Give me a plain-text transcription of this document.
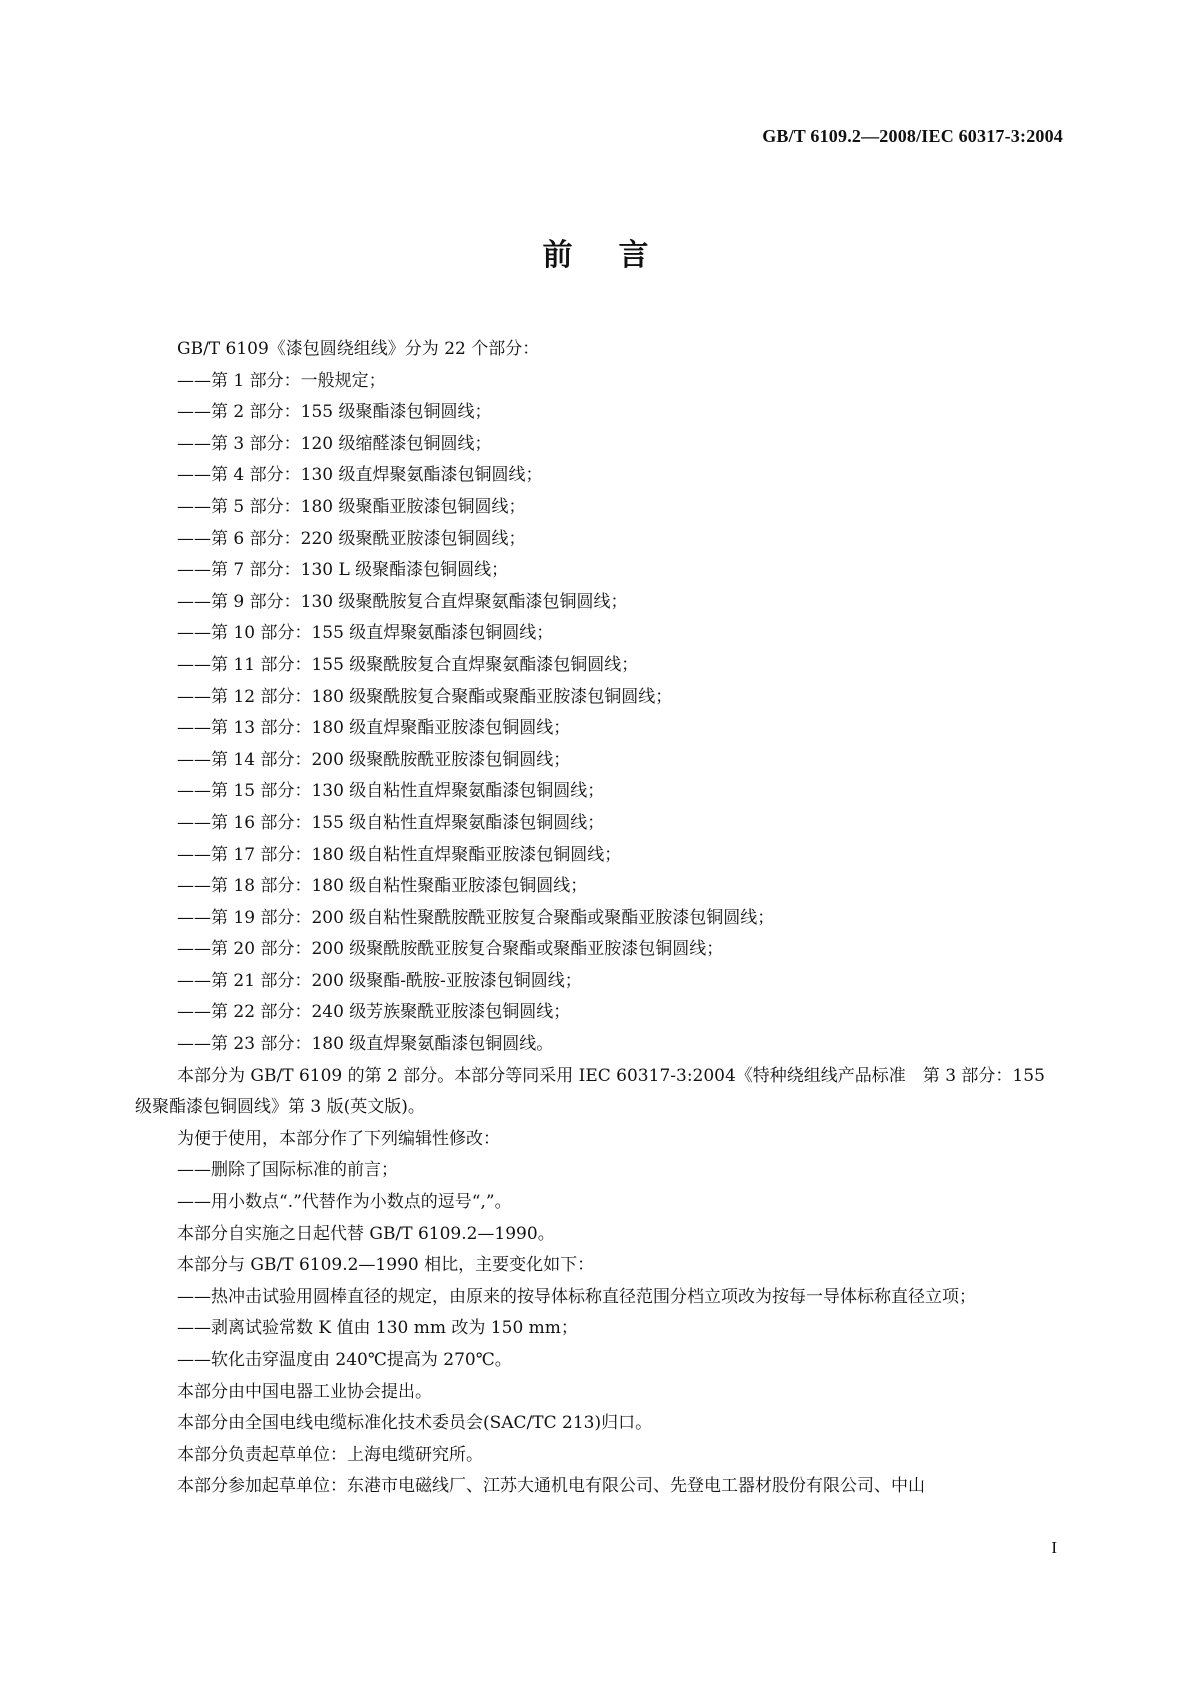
GB/T 6109.2—2008/IEC 60317-3:2004
前言

GB/T 6109《漆包圆绕组线》分为 22 个部分：

——第 1 部分：一般规定；

——第 2 部分：155 级聚酯漆包铜圆线；

——第 3 部分：120 级缩醛漆包铜圆线；

——第 4 部分：130 级直焊聚氨酯漆包铜圆线；

——第 5 部分：180 级聚酯亚胺漆包铜圆线；

——第 6 部分：220 级聚酰亚胺漆包铜圆线；

——第 7 部分：130 L 级聚酯漆包铜圆线；

——第 9 部分：130 级聚酰胺复合直焊聚氨酯漆包铜圆线；

——第 10 部分：155 级直焊聚氨酯漆包铜圆线；

——第 11 部分：155 级聚酰胺复合直焊聚氨酯漆包铜圆线；

——第 12 部分：180 级聚酰胺复合聚酯或聚酯亚胺漆包铜圆线；

——第 13 部分：180 级直焊聚酯亚胺漆包铜圆线；

——第 14 部分：200 级聚酰胺酰亚胺漆包铜圆线；

——第 15 部分：130 级自粘性直焊聚氨酯漆包铜圆线；

——第 16 部分：155 级自粘性直焊聚氨酯漆包铜圆线；

——第 17 部分：180 级自粘性直焊聚酯亚胺漆包铜圆线；

——第 18 部分：180 级自粘性聚酯亚胺漆包铜圆线；

——第 19 部分：200 级自粘性聚酰胺酰亚胺复合聚酯或聚酯亚胺漆包铜圆线；

——第 20 部分：200 级聚酰胺酰亚胺复合聚酯或聚酯亚胺漆包铜圆线；

——第 21 部分：200 级聚酯-酰胺-亚胺漆包铜圆线；

——第 22 部分：240 级芳族聚酰亚胺漆包铜圆线；

——第 23 部分：180 级直焊聚氨酯漆包铜圆线。

本部分为 GB/T 6109 的第 2 部分。本部分等同采用 IEC 60317-3:2004《特种绕组线产品标准　第 3 部分：155 级聚酯漆包铜圆线》第 3 版(英文版)。

为便于使用，本部分作了下列编辑性修改：

——删除了国际标准的前言；

——用小数点“.”代替作为小数点的逗号“,”。

本部分自实施之日起代替 GB/T 6109.2—1990。

本部分与 GB/T 6109.2—1990 相比，主要变化如下：

——热冲击试验用圆棒直径的规定，由原来的按导体标称直径范围分档立项改为按每一导体标称直径立项；

——剥离试验常数 K 值由 130 mm 改为 150 mm；

——软化击穿温度由 240℃提高为 270℃。

本部分由中国电器工业协会提出。

本部分由全国电线电缆标准化技术委员会(SAC/TC 213)归口。

本部分负责起草单位：上海电缆研究所。

本部分参加起草单位：东港市电磁线厂、江苏大通机电有限公司、先登电工器材股份有限公司、中山

I
